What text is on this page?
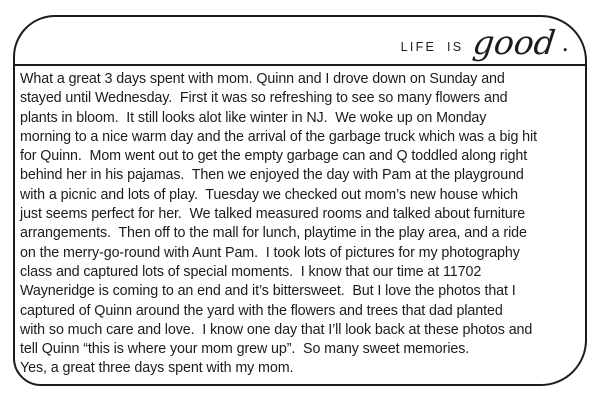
LIFE IS good .
What a great 3 days spent with mom. Quinn and I drove down on Sunday and
stayed until Wednesday.  First it was so refreshing to see so many flowers and
plants in bloom.  It still looks alot like winter in NJ.  We woke up on Monday
morning to a nice warm day and the arrival of the garbage truck which was a big hit
for Quinn.  Mom went out to get the empty garbage can and Q toddled along right
behind her in his pajamas.  Then we enjoyed the day with Pam at the playground
with a picnic and lots of play.  Tuesday we checked out mom’s new house which
just seems perfect for her.  We talked measured rooms and talked about furniture
arrangements.  Then off to the mall for lunch, playtime in the play area, and a ride
on the merry-go-round with Aunt Pam.  I took lots of pictures for my photography
class and captured lots of special moments.  I know that our time at 11702
Wayneridge is coming to an end and it’s bittersweet.  But I love the photos that I
captured of Quinn around the yard with the flowers and trees that dad planted
with so much care and love.  I know one day that I’ll look back at these photos and
tell Quinn “this is where your mom grew up”.  So many sweet memories.
Yes, a great three days spent with my mom.
